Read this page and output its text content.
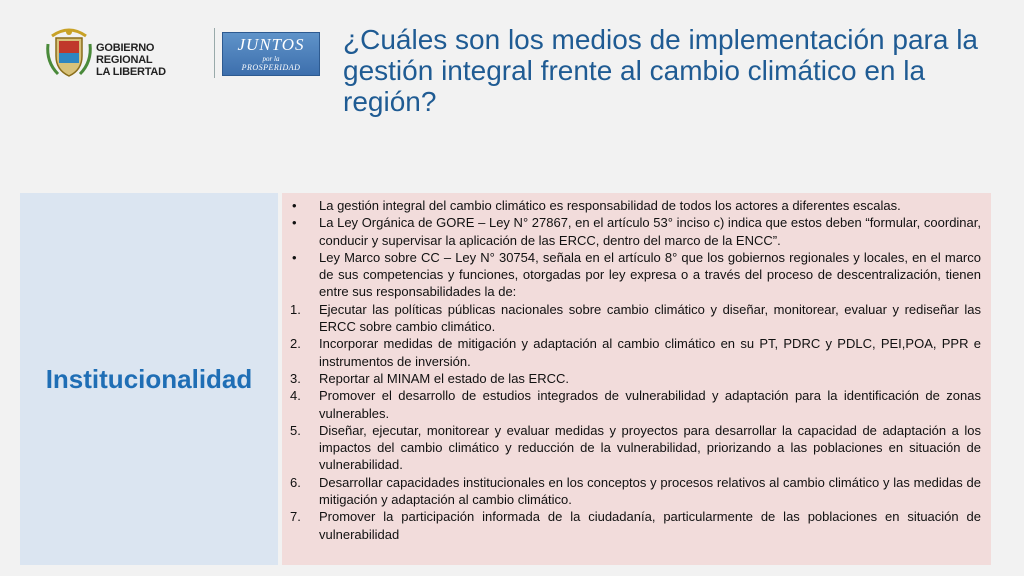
GOBIERNO REGIONAL
LA LIBERTAD
JUNTOS
por la
PROSPERIDAD
¿Cuáles son los medios de implementación para la gestión integral frente al cambio climático en la región?
Institucionalidad
• La gestión integral del cambio climático es responsabilidad de todos los actores a diferentes escalas.
• La Ley Orgánica de GORE – Ley N° 27867, en el artículo 53° inciso c) indica que estos deben “formular, coordinar, conducir y supervisar la aplicación de las ERCC, dentro del marco de la ENCC”.
• Ley Marco sobre CC – Ley N° 30754, señala en el artículo 8° que los gobiernos regionales y locales, en el marco de sus competencias y funciones, otorgadas por ley expresa o a través del proceso de descentralización, tienen entre sus responsabilidades la de:
1. Ejecutar las políticas públicas nacionales sobre cambio climático y diseñar, monitorear, evaluar y rediseñar las ERCC sobre cambio climático.
2. Incorporar medidas de mitigación y adaptación al cambio climático en su PT, PDRC y PDLC, PEI,POA, PPR e instrumentos de inversión.
3. Reportar al MINAM el estado de las ERCC.
4. Promover el desarrollo de estudios integrados de vulnerabilidad y adaptación para la identificación de zonas vulnerables.
5. Diseñar, ejecutar, monitorear y evaluar medidas y proyectos para desarrollar la capacidad de adaptación a los impactos del cambio climático y reducción de la vulnerabilidad, priorizando a las poblaciones en situación de vulnerabilidad.
6. Desarrollar capacidades institucionales en los conceptos y procesos relativos al cambio climático y las medidas de mitigación y adaptación al cambio climático.
7. Promover la participación informada de la ciudadanía, particularmente de las poblaciones en situación de vulnerabilidad
